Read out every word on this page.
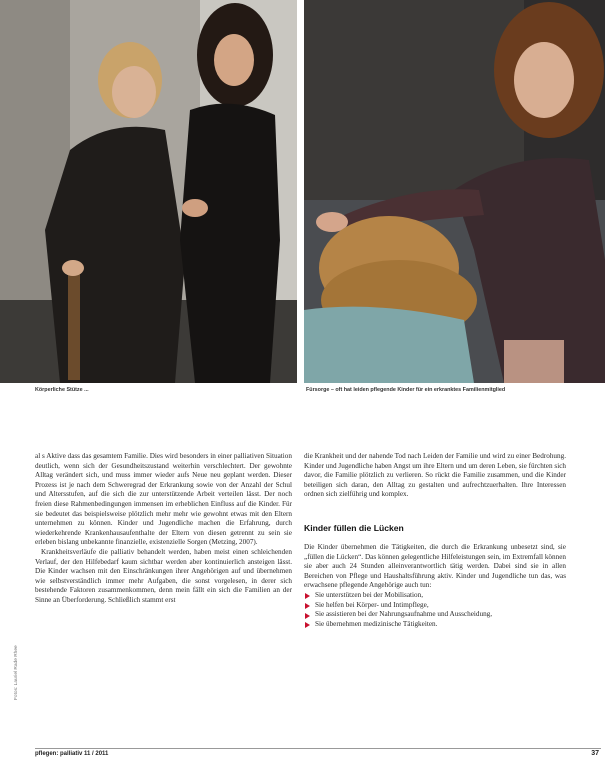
Körperliche Stütze ...	Fürsorge – oft hat leiden pflegende Kinder für ein erkranktes Familienmitglied

al s Aktive dass das gesamtem Familie. Dies wird besonders in einer palliativen Situation deutlich, wenn sich der Gesundheitszustand weiterhin verschlechtert. Der gewohnte Alltag verändert sich, und muss immer wieder aufs Neue neu geplant werden. Dieser Prozess ist je nach dem Schweregrad der Erkrankung sowie von der Anzahl der Schul und Altersstufen, auf die sich die zur unterstützende Arbeit verteilen lässt. Der noch freien diese Rahmenbedingungen immensen im erheblichen Einfluss auf die Kinder. Für sie bedeutet das beispielsweise plötzlich mehr mehr wie gewohnt etwas mit den Eltern unternehmen zu können. Kinder und Jugendliche machen die Erfahrung, durch wiederkehrende Krankenhausaufenthalte der Eltern von diesen getrennt zu sein sie erleben bislang unbekannte finanzielle, existenzielle Sorgen (Metzing, 2007).

Krankheitsverläufe die palliativ behandelt werden, haben meist einen schleichenden Verlauf, der den Hilfebedarf kaum sichtbar werden aber kontinuierlich ansteigen lässt. Die Kinder wachsen mit den Einschränkungen ihrer Angehörigen auf und übernehmen wie selbstverständlich immer mehr Aufgaben, die sonst vorgelesen, in derer sich bestehende Faktoren zusammenkommen, denn mein fällt ein sich die Familien an der Sinne an Überforderung. Schließlich stammt erst

die Krankheit und der nahende Tod nach Leiden der Familie und wird zu einer Bedrohung. Kinder und Jugendliche haben Angst um ihre Eltern und um deren Leben, sie fürchten sich davor, die Familie plötzlich zu verlieren. So rückt die Familie zusammen, und die Kinder beteiligen sich daran, den Alltag zu gestalten und aufrechtzuerhalten. Ihre Interessen ordnen sich zielführig und komplex.

Kinder füllen die Lücken

Die Kinder übernehmen die Tätigkeiten, die durch die Erkrankung unbesetzt sind, sie „füllen die Lücken“. Das können gelegentliche Hilfeleistungen sein, im Extremfall können sie aber auch 24 Stunden alleinverantwortlich tätig werden. Dabei sind sie in allen Bereichen von Pflege und Haushaltsführung aktiv. Kinder und Jugendliche tun das, was erwachsene pflegende Angehörige auch tun:

Sie unterstützen bei der Mobilisation,
Sie helfen bei Körper- und Intimpflege,
Sie assistieren bei der Nahrungsaufnahme und Ausscheidung,
Sie übernehmen medizinische Tätigkeiten.
Fotos: Lauriel Rade Rhee
pflegen: palliativ 11 / 2011	37
